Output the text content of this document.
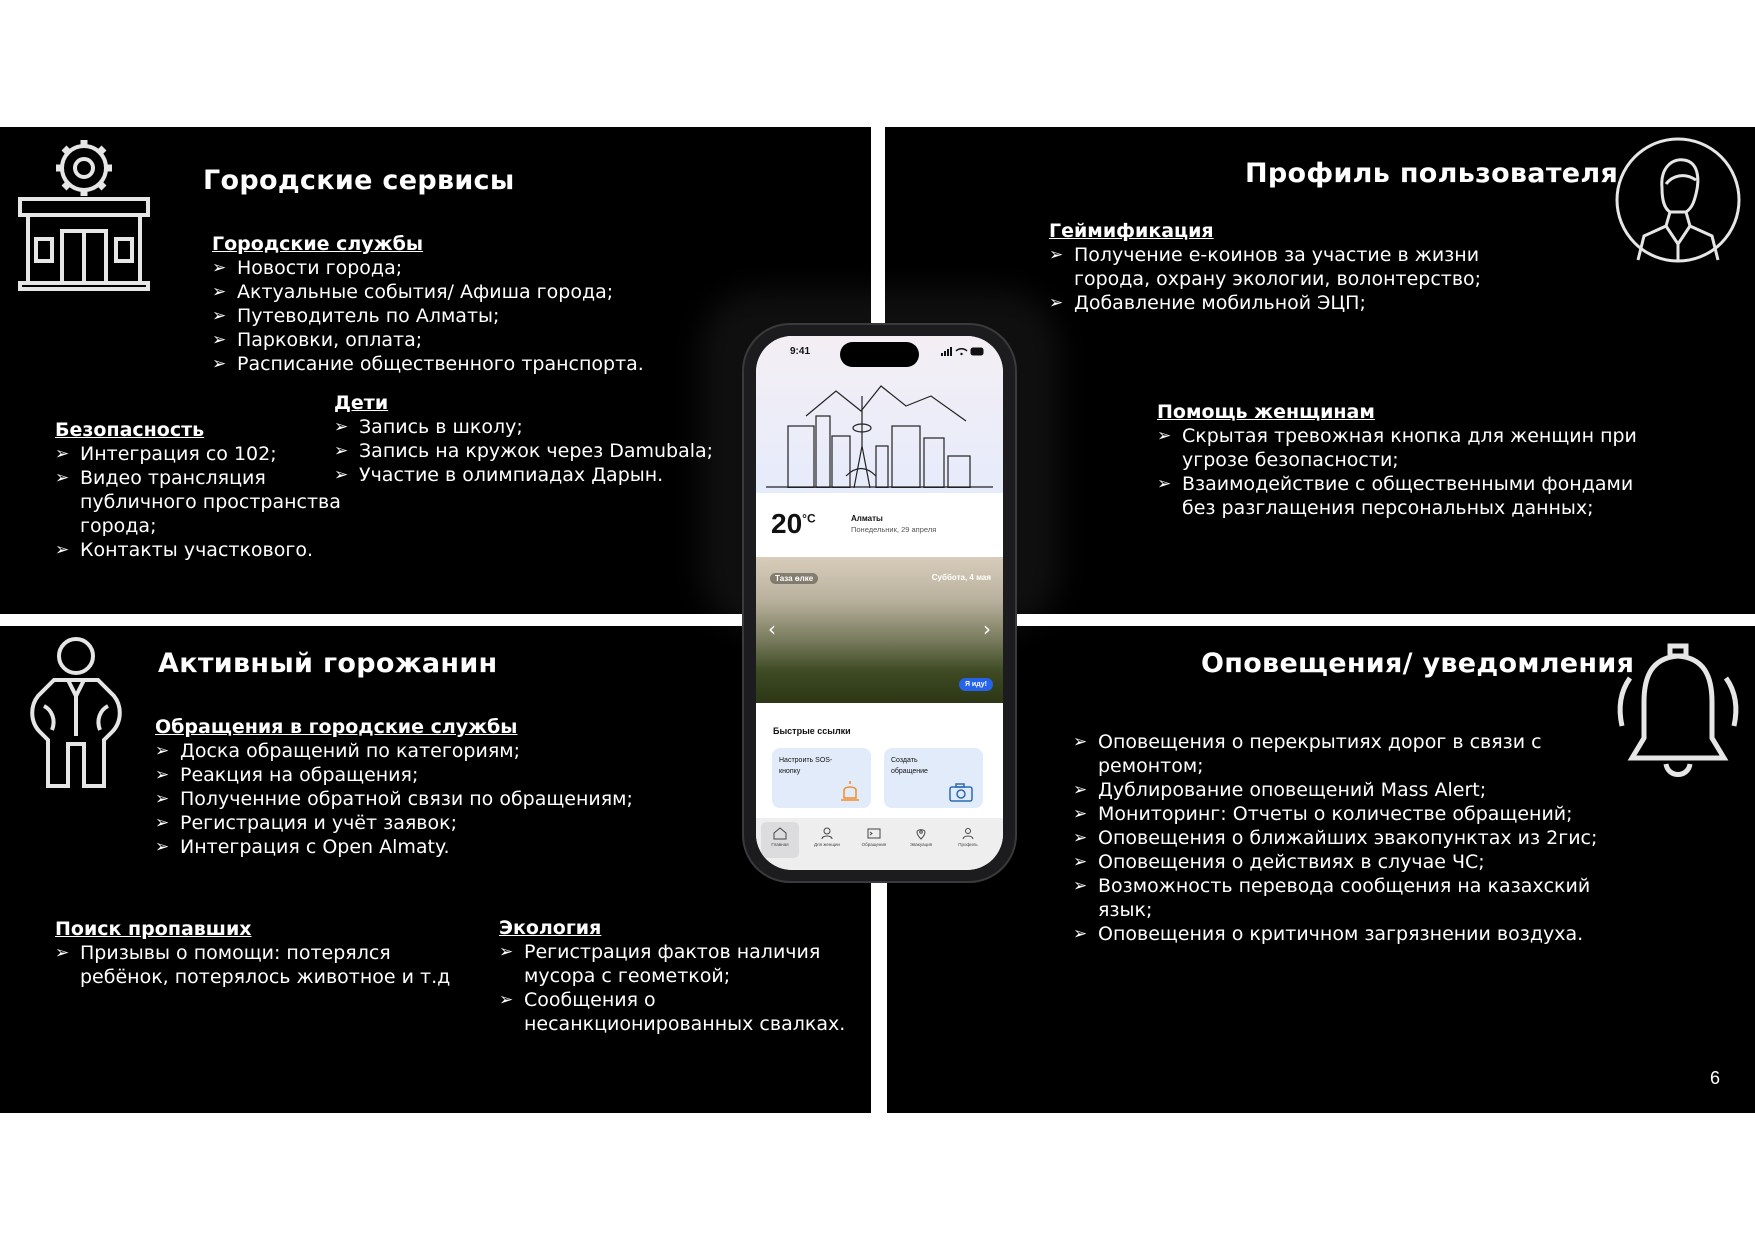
Городские сервисы
Городские службы
➢ Новости города;
➢ Актуальные события/ Афиша города;
➢ Путеводитель по Алматы;
➢ Парковки, оплата;
➢ Расписание общественного транспорта.
Дети
➢ Запись в школу;
➢ Запись на кружок через Damubala;
➢ Участие в олимпиадах Дарын.
Безопасность
➢ Интеграция со 102;
➢ Видео трансляция публичного пространства города;
➢ Контакты участкового.
Профиль пользователя
Геймификация
➢ Получение е-коинов за участие в жизни города, охрану экологии, волонтерство;
➢ Добавление мобильной ЭЦП;
Помощь женщинам
➢ Скрытая тревожная кнопка для женщин при угрозе безопасности;
➢ Взаимодействие с общественными фондами без разглащения персональных данных;
Активный горожанин
Обращения в городские службы
➢ Доска обращений по категориям;
➢ Реакция на обращения;
➢ Полученние обратной связи по обращениям;
➢ Регистрация и учёт заявок;
➢ Интеграция с Open Almaty.
Поиск пропавших
➢ Призывы о помощи: потерялся ребёнок, потерялось животное и т.д
Экология
➢ Регистрация фактов наличия мусора с геометкой;
➢ Сообщения о несанкционированных свалках.
Оповещения/ уведомления
➢ Оповещения о перекрытиях дорог в связи с ремонтом;
➢ Дублирование оповещений Mass Alert;
➢ Мониторинг: Отчеты о количестве обращений;
➢ Оповещения о ближайших эвакопунктах из 2гис;
➢ Оповещения о действиях в случае ЧС;
➢ Возможность перевода сообщения на казахский язык;
➢ Оповещения о критичном загрязнении воздуха.
9:41
$20^{^\circ C}$	Алматы
Понедельник, 29 апреля
Таза өлке	Суббота, 4 мая
‹	›
Я иду!
Быстрые ссылки
Настроить SOS-кнопку
Создать обращение
Главная	Для женщин	Обращения	Эвакуация	Профиль
6
